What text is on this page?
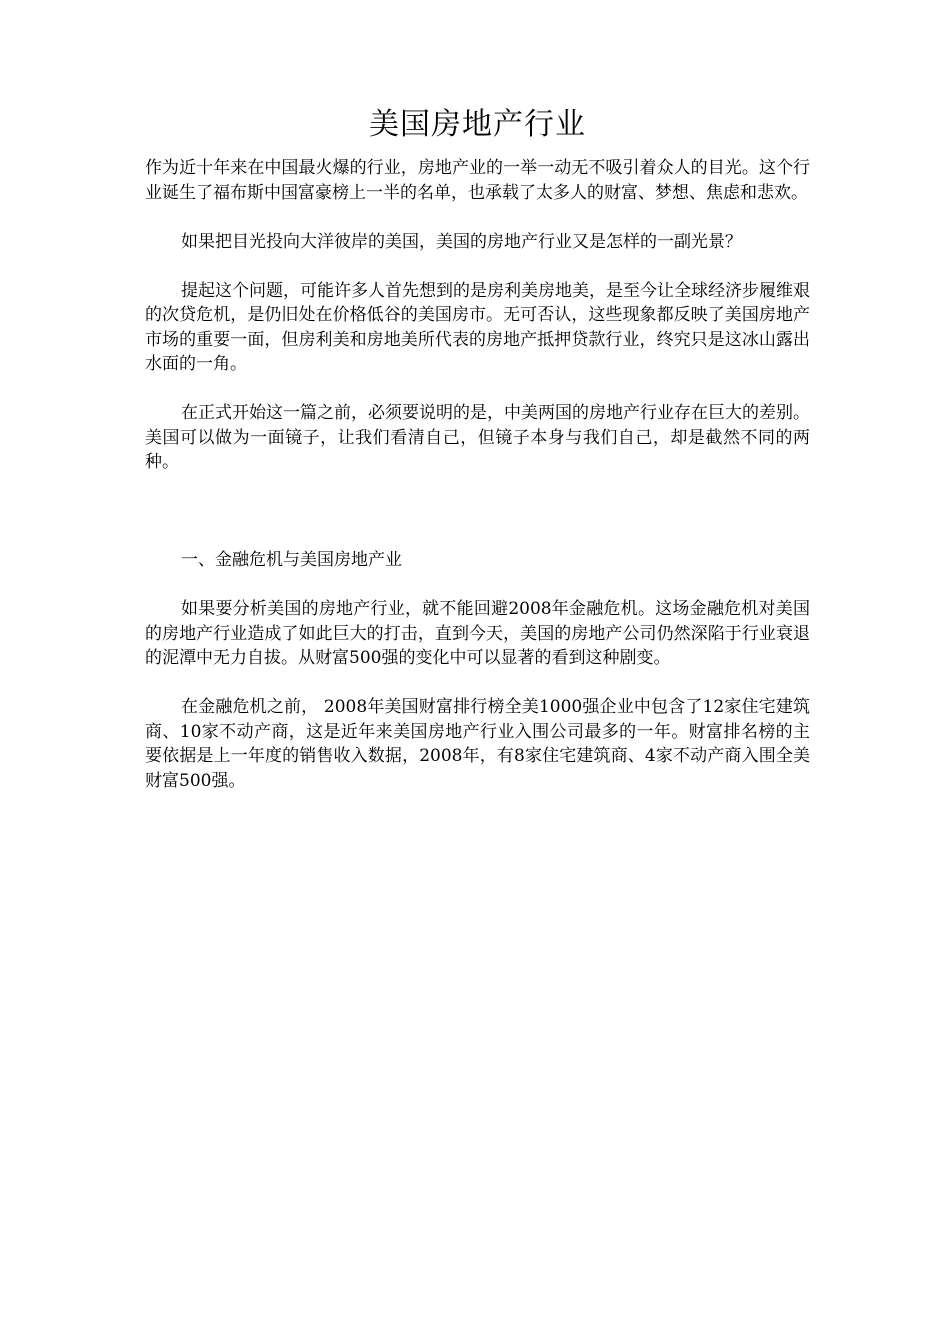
美国房地产行业

作为近十年来在中国最火爆的行业，房地产业的一举一动无不吸引着众人的目光。这个行业诞生了福布斯中国富豪榜上一半的名单，也承载了太多人的财富、梦想、焦虑和悲欢。

如果把目光投向大洋彼岸的美国，美国的房地产行业又是怎样的一副光景？

提起这个问题，可能许多人首先想到的是房利美房地美，是至今让全球经济步履维艰的次贷危机，是仍旧处在价格低谷的美国房市。无可否认，这些现象都反映了美国房地产市场的重要一面，但房利美和房地美所代表的房地产抵押贷款行业，终究只是这冰山露出水面的一角。

在正式开始这一篇之前，必须要说明的是，中美两国的房地产行业存在巨大的差别。美国可以做为一面镜子，让我们看清自己，但镜子本身与我们自己，却是截然不同的两种。

一、金融危机与美国房地产业

如果要分析美国的房地产行业，就不能回避2008年金融危机。这场金融危机对美国的房地产行业造成了如此巨大的打击，直到今天，美国的房地产公司仍然深陷于行业衰退的泥潭中无力自拔。从财富500强的变化中可以显著的看到这种剧变。

在金融危机之前， 2008年美国财富排行榜全美1000强企业中包含了12家住宅建筑商、10家不动产商，这是近年来美国房地产行业入围公司最多的一年。财富排名榜的主要依据是上一年度的销售收入数据，2008年，有8家住宅建筑商、4家不动产商入围全美财富500强。
